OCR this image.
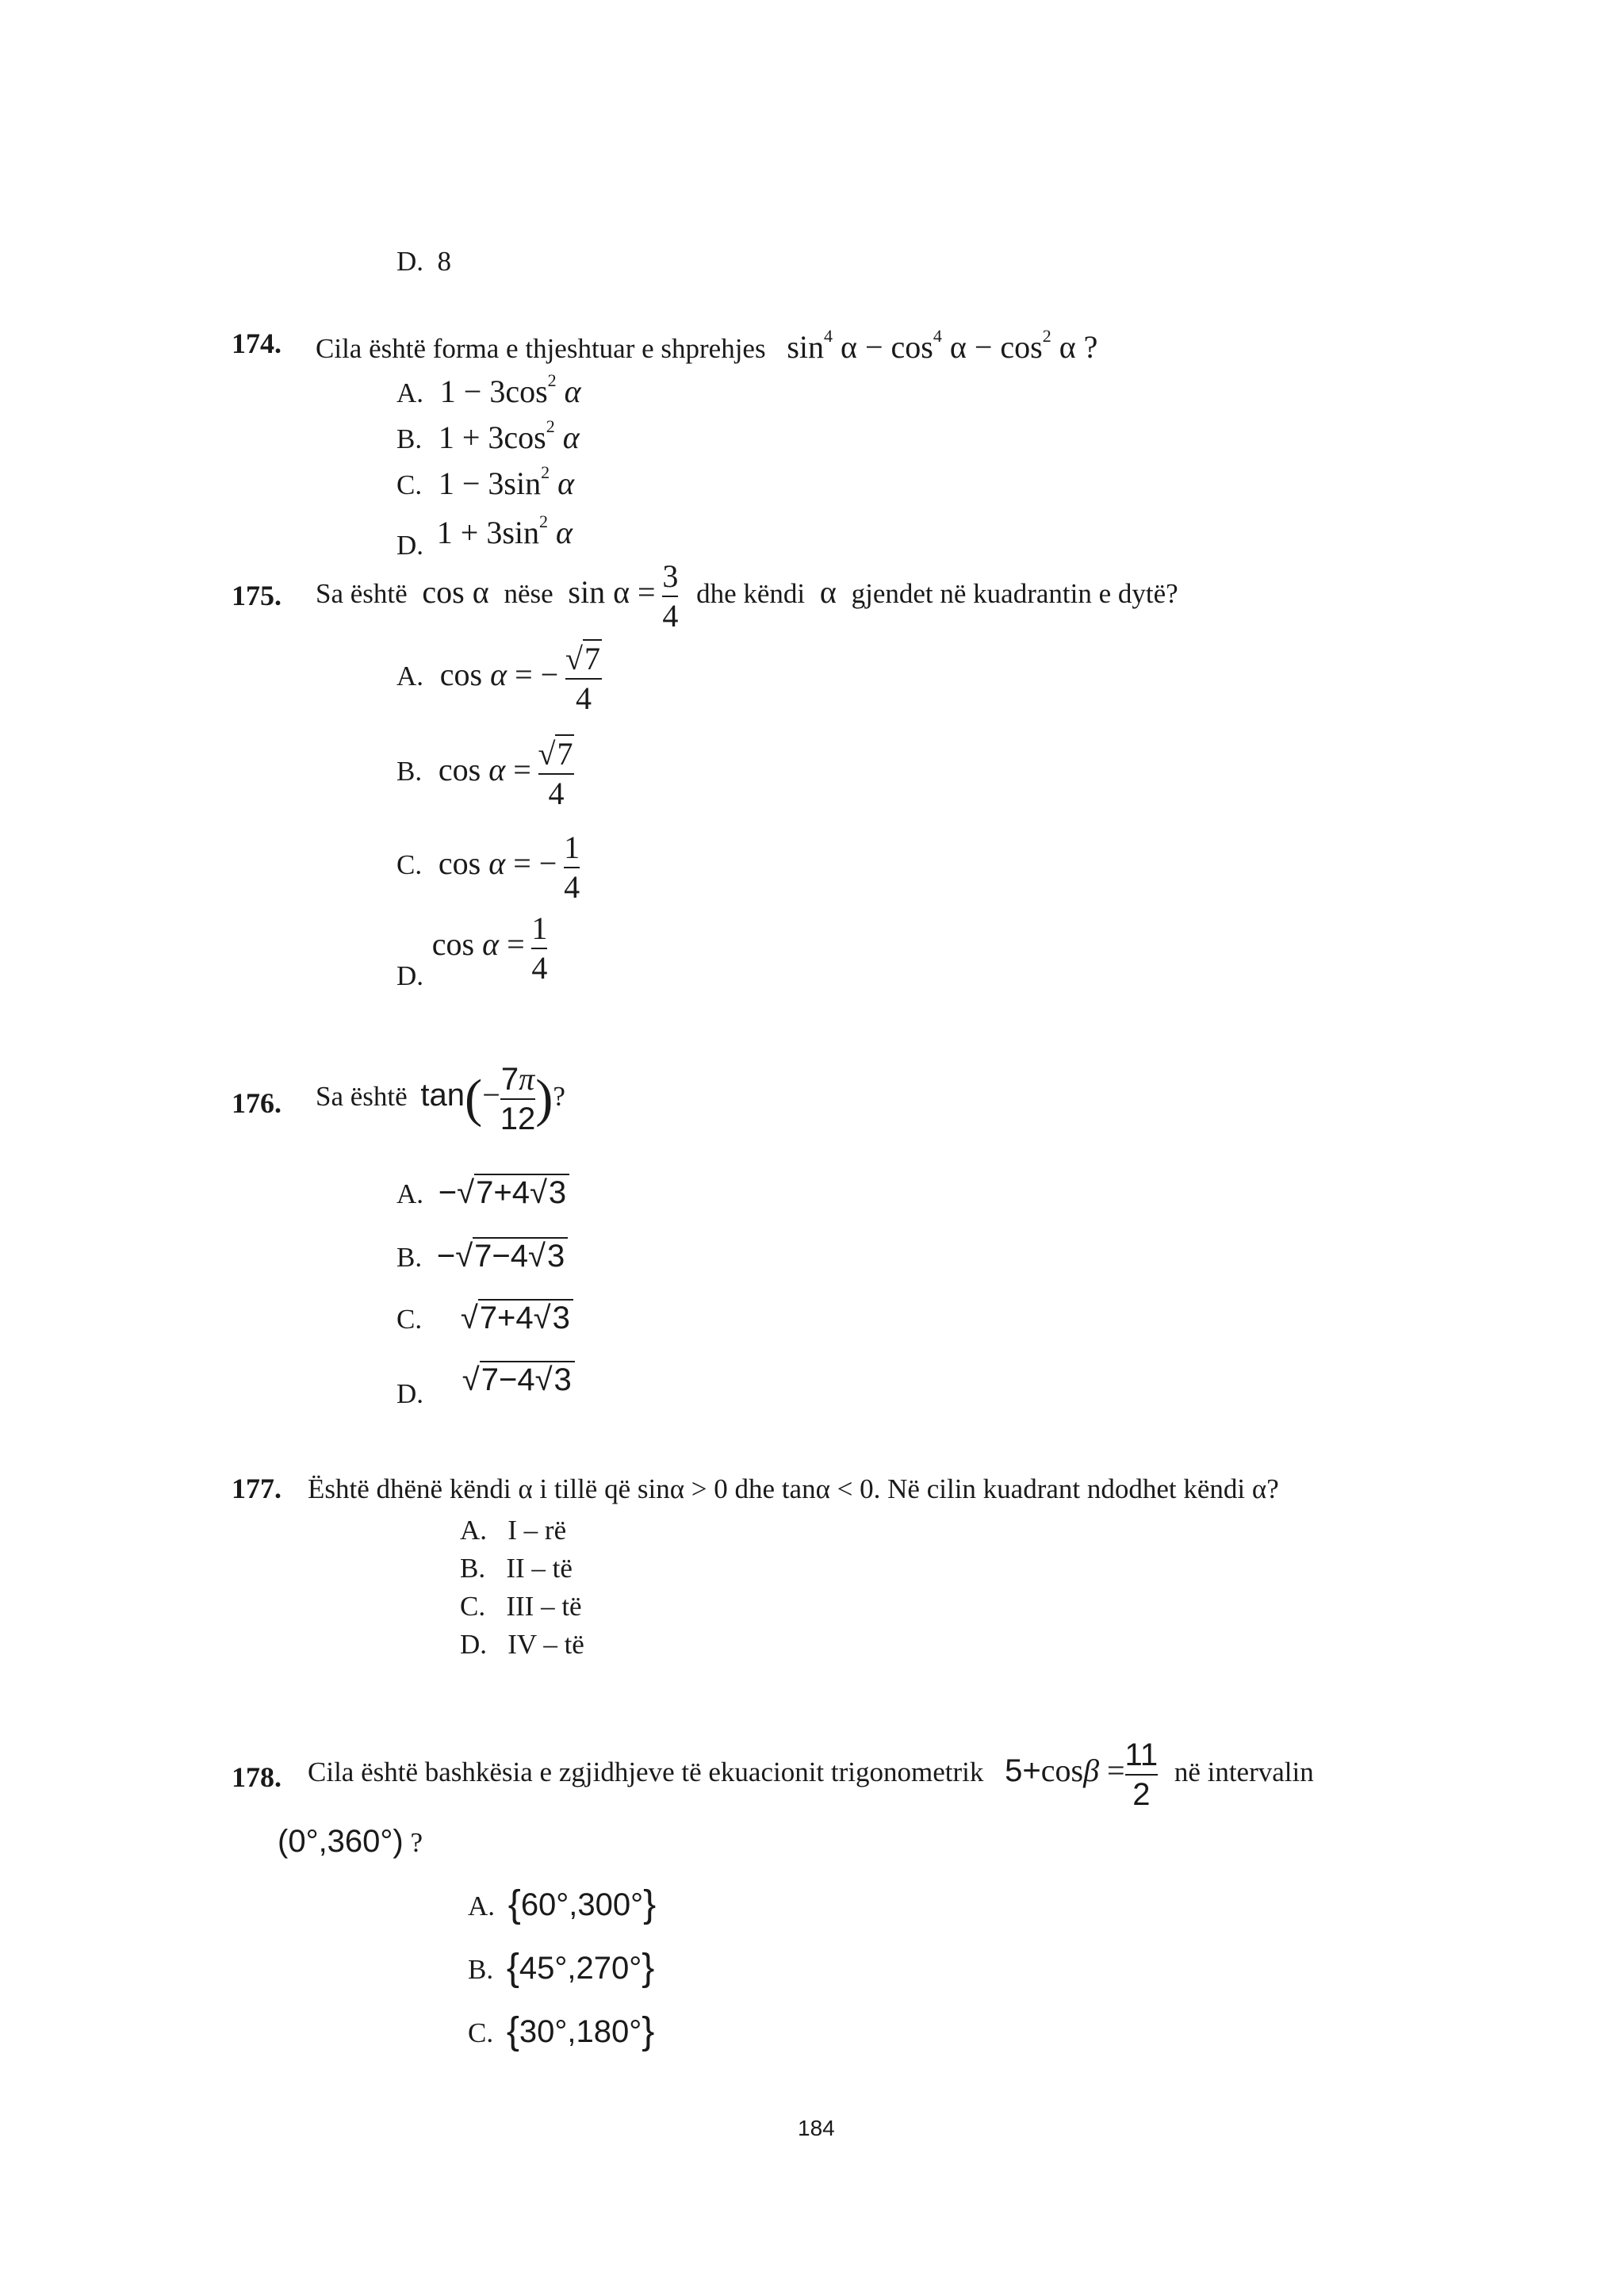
D. 8
174. Cila është forma e thjeshtuar e shprehjes $\sin^4 \alpha - \cos^4 \alpha - \cos^2 \alpha$ ?
A. $1 - 3\cos^2$ α
B. $1 + 3\cos^2$ α
C. $1 - 3\sin^2$ α
D. $1 + 3\sin^2$ α
175. Sa është cos α nëse $\sin \alpha = \frac{3}{4}$ dhe këndi α gjendet në kuadrantin e dytë?
A. cos α = − $\frac{√7}{4}$
B. $\cos \alpha = \frac{√7}{4}$
C. cos α = − $\frac{1}{4}$
D. $\cos \alpha = \frac{1}{4}$
176. Sa është $\tan(- \frac{7\pi}{12}$ )?
A. −√7+4√3
B. −√7−4√3
C. √7+4√3
D. √7−4√3
177. Është dhënë këndi α i tillë që sinα > 0 dhe tanα < 0. Në cilin kuadrant ndodhet këndi α?
A. I – rë
B. II – të
C. III – të
D. IV – të
178. Cila është bashkësia e zgjidhjeve të ekuacionit trigonometrik $5+\cos\beta = \frac{11}{2}$ në intervalin
(0°,360°) ?
A. {60°,300°}
B. {45°,270°}
C. {30°,180°}
184
